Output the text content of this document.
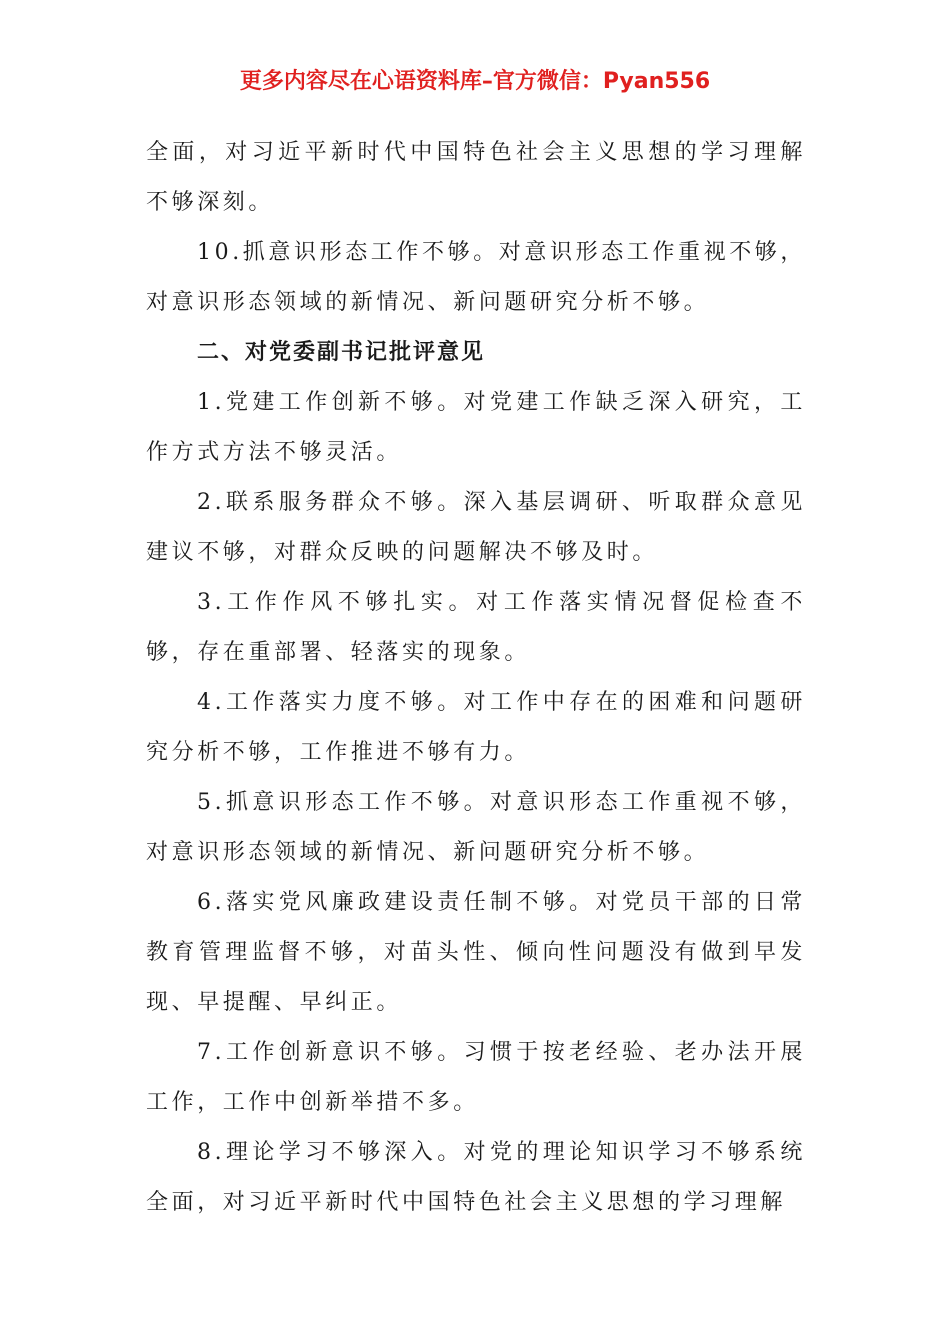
更多内容尽在心语资料库–官方微信：Pyan556

全面，对习近平新时代中国特色社会主义思想的学习理解不够深刻。

10.抓意识形态工作不够。对意识形态工作重视不够，对意识形态领域的新情况、新问题研究分析不够。

二、对党委副书记批评意见

1.党建工作创新不够。对党建工作缺乏深入研究，工作方式方法不够灵活。

2.联系服务群众不够。深入基层调研、听取群众意见建议不够，对群众反映的问题解决不够及时。

3.工作作风不够扎实。对工作落实情况督促检查不够，存在重部署、轻落实的现象。

4.工作落实力度不够。对工作中存在的困难和问题研究分析不够，工作推进不够有力。

5.抓意识形态工作不够。对意识形态工作重视不够，对意识形态领域的新情况、新问题研究分析不够。

6.落实党风廉政建设责任制不够。对党员干部的日常教育管理监督不够，对苗头性、倾向性问题没有做到早发现、早提醒、早纠正。

7.工作创新意识不够。习惯于按老经验、老办法开展工作，工作中创新举措不多。

8.理论学习不够深入。对党的理论知识学习不够系统全面，对习近平新时代中国特色社会主义思想的学习理解
